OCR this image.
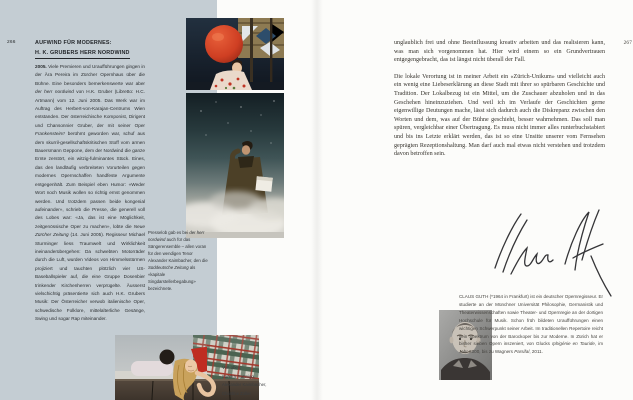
266	AUFWIND FÜR MODERNES:
H. K. GRUBERS HERR NORDWIND
2005. Viele Premieren und Uraufführungen gingen in der Ära Pereira im Zürcher Opernhaus über die Bühne. Eine besonders bemerkenswerte war aber der herr nordwind von H.K. Gruber (Libretto: H.C. Artmann) vom 12. Juni 2005. Das Werk war im Auftrag des Herbert-von-Karajan-Centrums Wien entstanden. Der österreichische Komponist, Dirigent und Chansonnier Gruber, der mit seiner Oper Frankenstein!! berühmt geworden war, schuf aus dem skurril-gesellschaftskritischen Stoff vom armen Bauersmann Geppone, dem der Nordwind die ganze Ernte zerstört, ein witzig-fulminantes Stück. Eines, das den landläufig verbreiteten Vorurteilen gegen modernes Opernschaffen handfeste Argumente entgegenhält. Zum Beispiel eben Humor: «Weder Wort noch Musik wollen so richtig ernst genommen werden. Und trotzdem passen beide kongenial aufeinander», schrieb die Presse, die generell voll des Lobes war: «Ja, das ist eine Möglichkeit, zeitgenössische Oper zu machen», lobte die Neue Zürcher Zeitung (14. Juni 2005). Regisseur Michael Sturminger liess Traumwelt und Wirklichkeit ineinanderübergehen: Da schwebten Motorräder durch die Luft, wurden Videos von Himmelsstürmen projiziert und tauchten plötzlich vier US-Baseballspieler auf, die eine Gruppe Dosenbier trinkender Kirchenherren verprügelte. Äusserst vielschichtig präsentierte sich auch H.K. Grubers Musik: Der Österreicher verwob italienische Oper, schwedische Folklore, mittelalterliche Gesänge, Swing und sogar Rap miteinander.
Presselob gab es bei der herr nordwind auch für das Sängerensemble – allen voran für den wendigen Tenor Alexander Kaimbacher, den die Süddeutsche Zeitung als «kapitale Singdarstellerbegabung» bezeichnete.
Von oben:
Sandra Trattnigg,
Alexander Kaimbacher,
Christine Zoller
267

unglaublich frei und ohne Beeinflussung kreativ arbeiten und das realisieren kann, was man sich vorgenommen hat. Hier wird einem so ein Grundvertrauen entgegengebracht, das ist längst nicht überall der Fall.

Die lokale Verortung ist in meiner Arbeit ein «Zürich-Unikum» und vielleicht auch ein wenig eine Liebeserklärung an diese Stadt mit ihrer so spürbaren Geschichte und Tradition. Der Lokalbezug ist ein Mittel, um die Zuschauer abzuholen und in das Geschehen hineinzuziehen. Und weil ich im Verlaufe der Geschichten gerne eigenwillige Deutungen mache, lässt sich dadurch auch die Diskrepanz zwischen den Worten und dem, was auf der Bühne geschieht, besser wahrnehmen. Das soll man spüren, vergleichbar einer Übertragung. Es muss nicht immer alles runterbuchstabiert und bis ins Letzte erklärt werden, das ist so eine Unsitte unserer vom Fernsehen geprägten Rezeptionshaltung. Man darf auch mal etwas nicht verstehen und trotzdem davon betroffen sein.

CLAUS GUTH (*1964 in Frankfurt) ist ein deutscher Opernregisseur. Er studierte an der Münchner Universität Philosophie, Germanistik und Theaterwissenschaften sowie Theater- und Opernregie an der dortigen Hochschule für Musik. Schon früh bildeten Uraufführungen einen wichtigen Schwerpunkt seiner Arbeit. Im traditionellen Repertoire reicht sein Spektrum von der Barockoper bis zur Moderne. In Zürich hat er bisher sieben Opern inszeniert, von Glucks Iphigénie en Tauride, im Jahr 2000, bis zu Wagners Parsifal, 2011.
